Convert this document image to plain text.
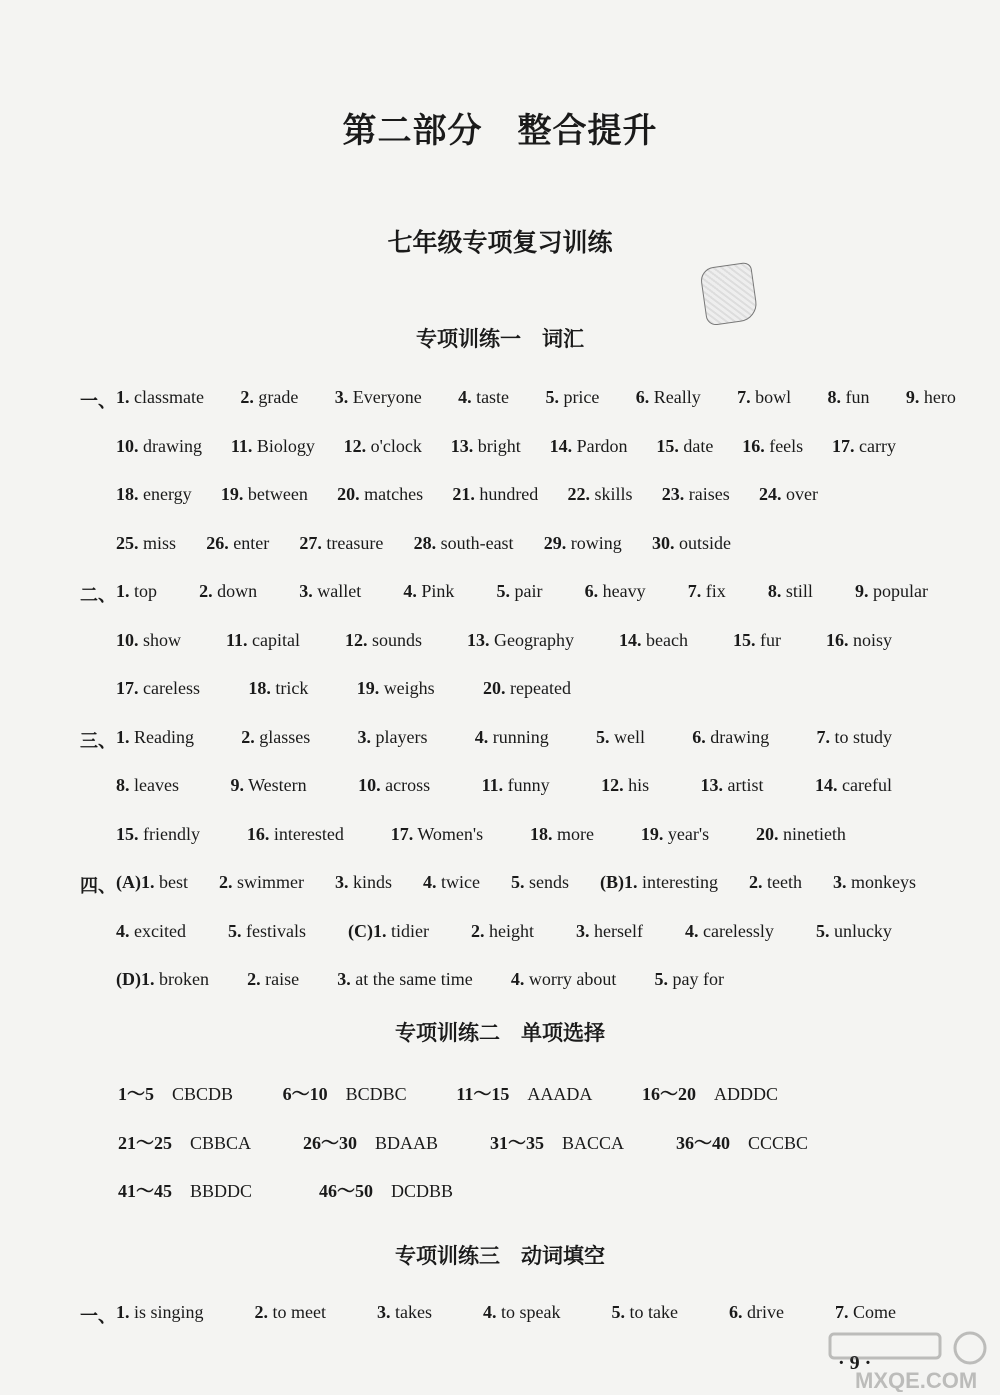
第二部分　整合提升
七年级专项复习训练
专项训练一　词汇
一、 1. classmate 2. grade 3. Everyone 4. taste 5. price 6. Really 7. bowl 8. fun 9. hero
10. drawing 11. Biology 12. o'clock 13. bright 14. Pardon 15. date 16. feels 17. carry
18. energy 19. between 20. matches 21. hundred 22. skills 23. raises 24. over
25. miss 26. enter 27. treasure 28. south-east 29. rowing 30. outside
二、 1. top 2. down 3. wallet 4. Pink 5. pair 6. heavy 7. fix 8. still 9. popular
10. show	11. capital	12. sounds	13. Geography	14. beach	15. fur	16. noisy
17. careless	18. trick	19. weighs	20. repeated
三、 1. Reading	2. glasses	3. players	4. running	5. well	6. drawing	7. to study
8. leaves	9. Western	10. across	11. funny	12. his	13. artist	14. careful
15. friendly	16. interested	17. Women's	18. more	19. year's	20. ninetieth
四、 (A)1. best 2. swimmer 3. kinds 4. twice 5. sends (B)1. interesting 2. teeth 3. monkeys
4. excited 5. festivals (C)1. tidier 2. height 3. herself 4. carelessly 5. unlucky
(D)1. broken 2. raise 3. at the same time 4. worry about 5. pay for
专项训练二　单项选择
1～5 CBCDB	6～10 BCDBC	11～15 AAADA	16～20 ADDDC
21～25 CBBCA	26～30 BDAAB	31～35 BACCA	36～40 CCCBC
41～45 BBDDC	46～50 DCDBB
专项训练三　动词填空
一、 1. is singing	2. to meet	3. takes	4. to speak	5. to take	6. drive	7. Come
· 9 ·
MXQE.COM
